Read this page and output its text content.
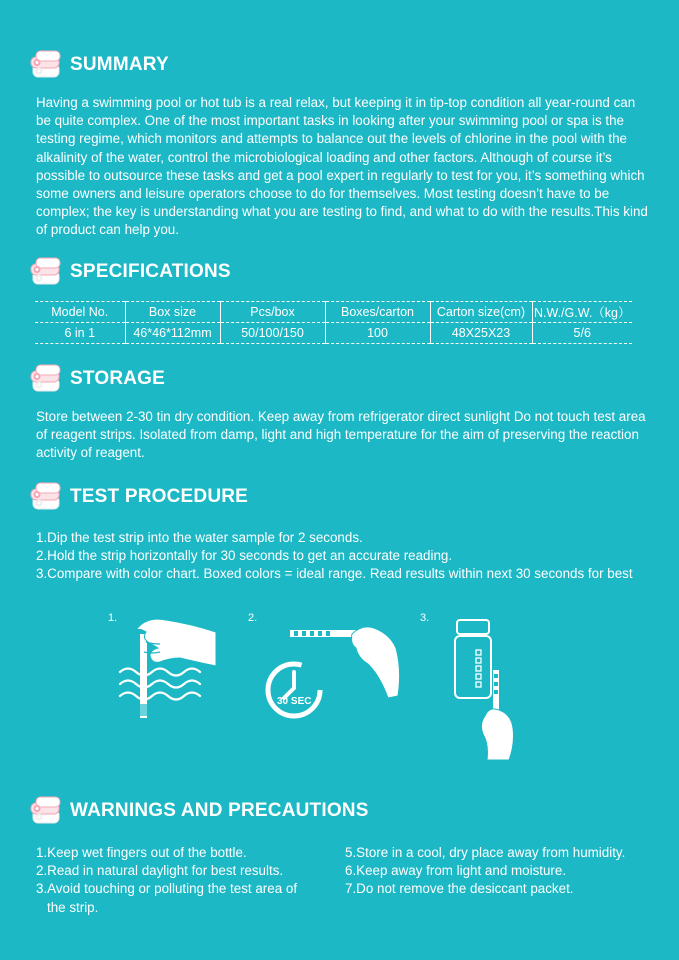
SUMMARY
Having a swimming pool or hot tub is a real relax, but keeping it in tip-top condition all year-round can be quite complex. One of the most important tasks in looking after your swimming pool or spa is the testing regime, which monitors and attempts to balance out the levels of chlorine in the pool with the alkalinity of the water, control the microbiological loading and other factors. Although of course it’s possible to outsource these tasks and get a pool expert in regularly to test for you, it’s something which some owners and leisure operators choose to do for themselves. Most testing doesn’t have to be complex; the key is understanding what you are testing to find, and what to do with the results.This kind of product can help you.
SPECIFICATIONS
Model No.	Box size	Pcs/box	Boxes/carton	Carton size(cm)	N.W./G.W.（kg）
6 in 1	46*46*112mm	50/100/150	100	48X25X23	5/6
STORAGE
Store between 2-30 tin dry condition. Keep away from refrigerator direct sunlight Do not touch test area of reagent strips. Isolated from damp, light and high temperature for the aim of preserving the reaction activity of reagent.
TEST PROCEDURE
1.Dip the test strip into the water sample for 2 seconds.
2.Hold the strip horizontally for 30 seconds to get an accurate reading.
3.Compare with color chart. Boxed colors = ideal range. Read results within next 30 seconds for best
1.	2.	3.
30 SEC
WARNINGS AND PRECAUTIONS
1.Keep wet fingers out of the bottle.
2.Read in natural daylight for best results.
3.Avoid touching or polluting the test area of
the strip.
5.Store in a cool, dry place away from humidity.
6.Keep away from light and moisture.
7.Do not remove the desiccant packet.
